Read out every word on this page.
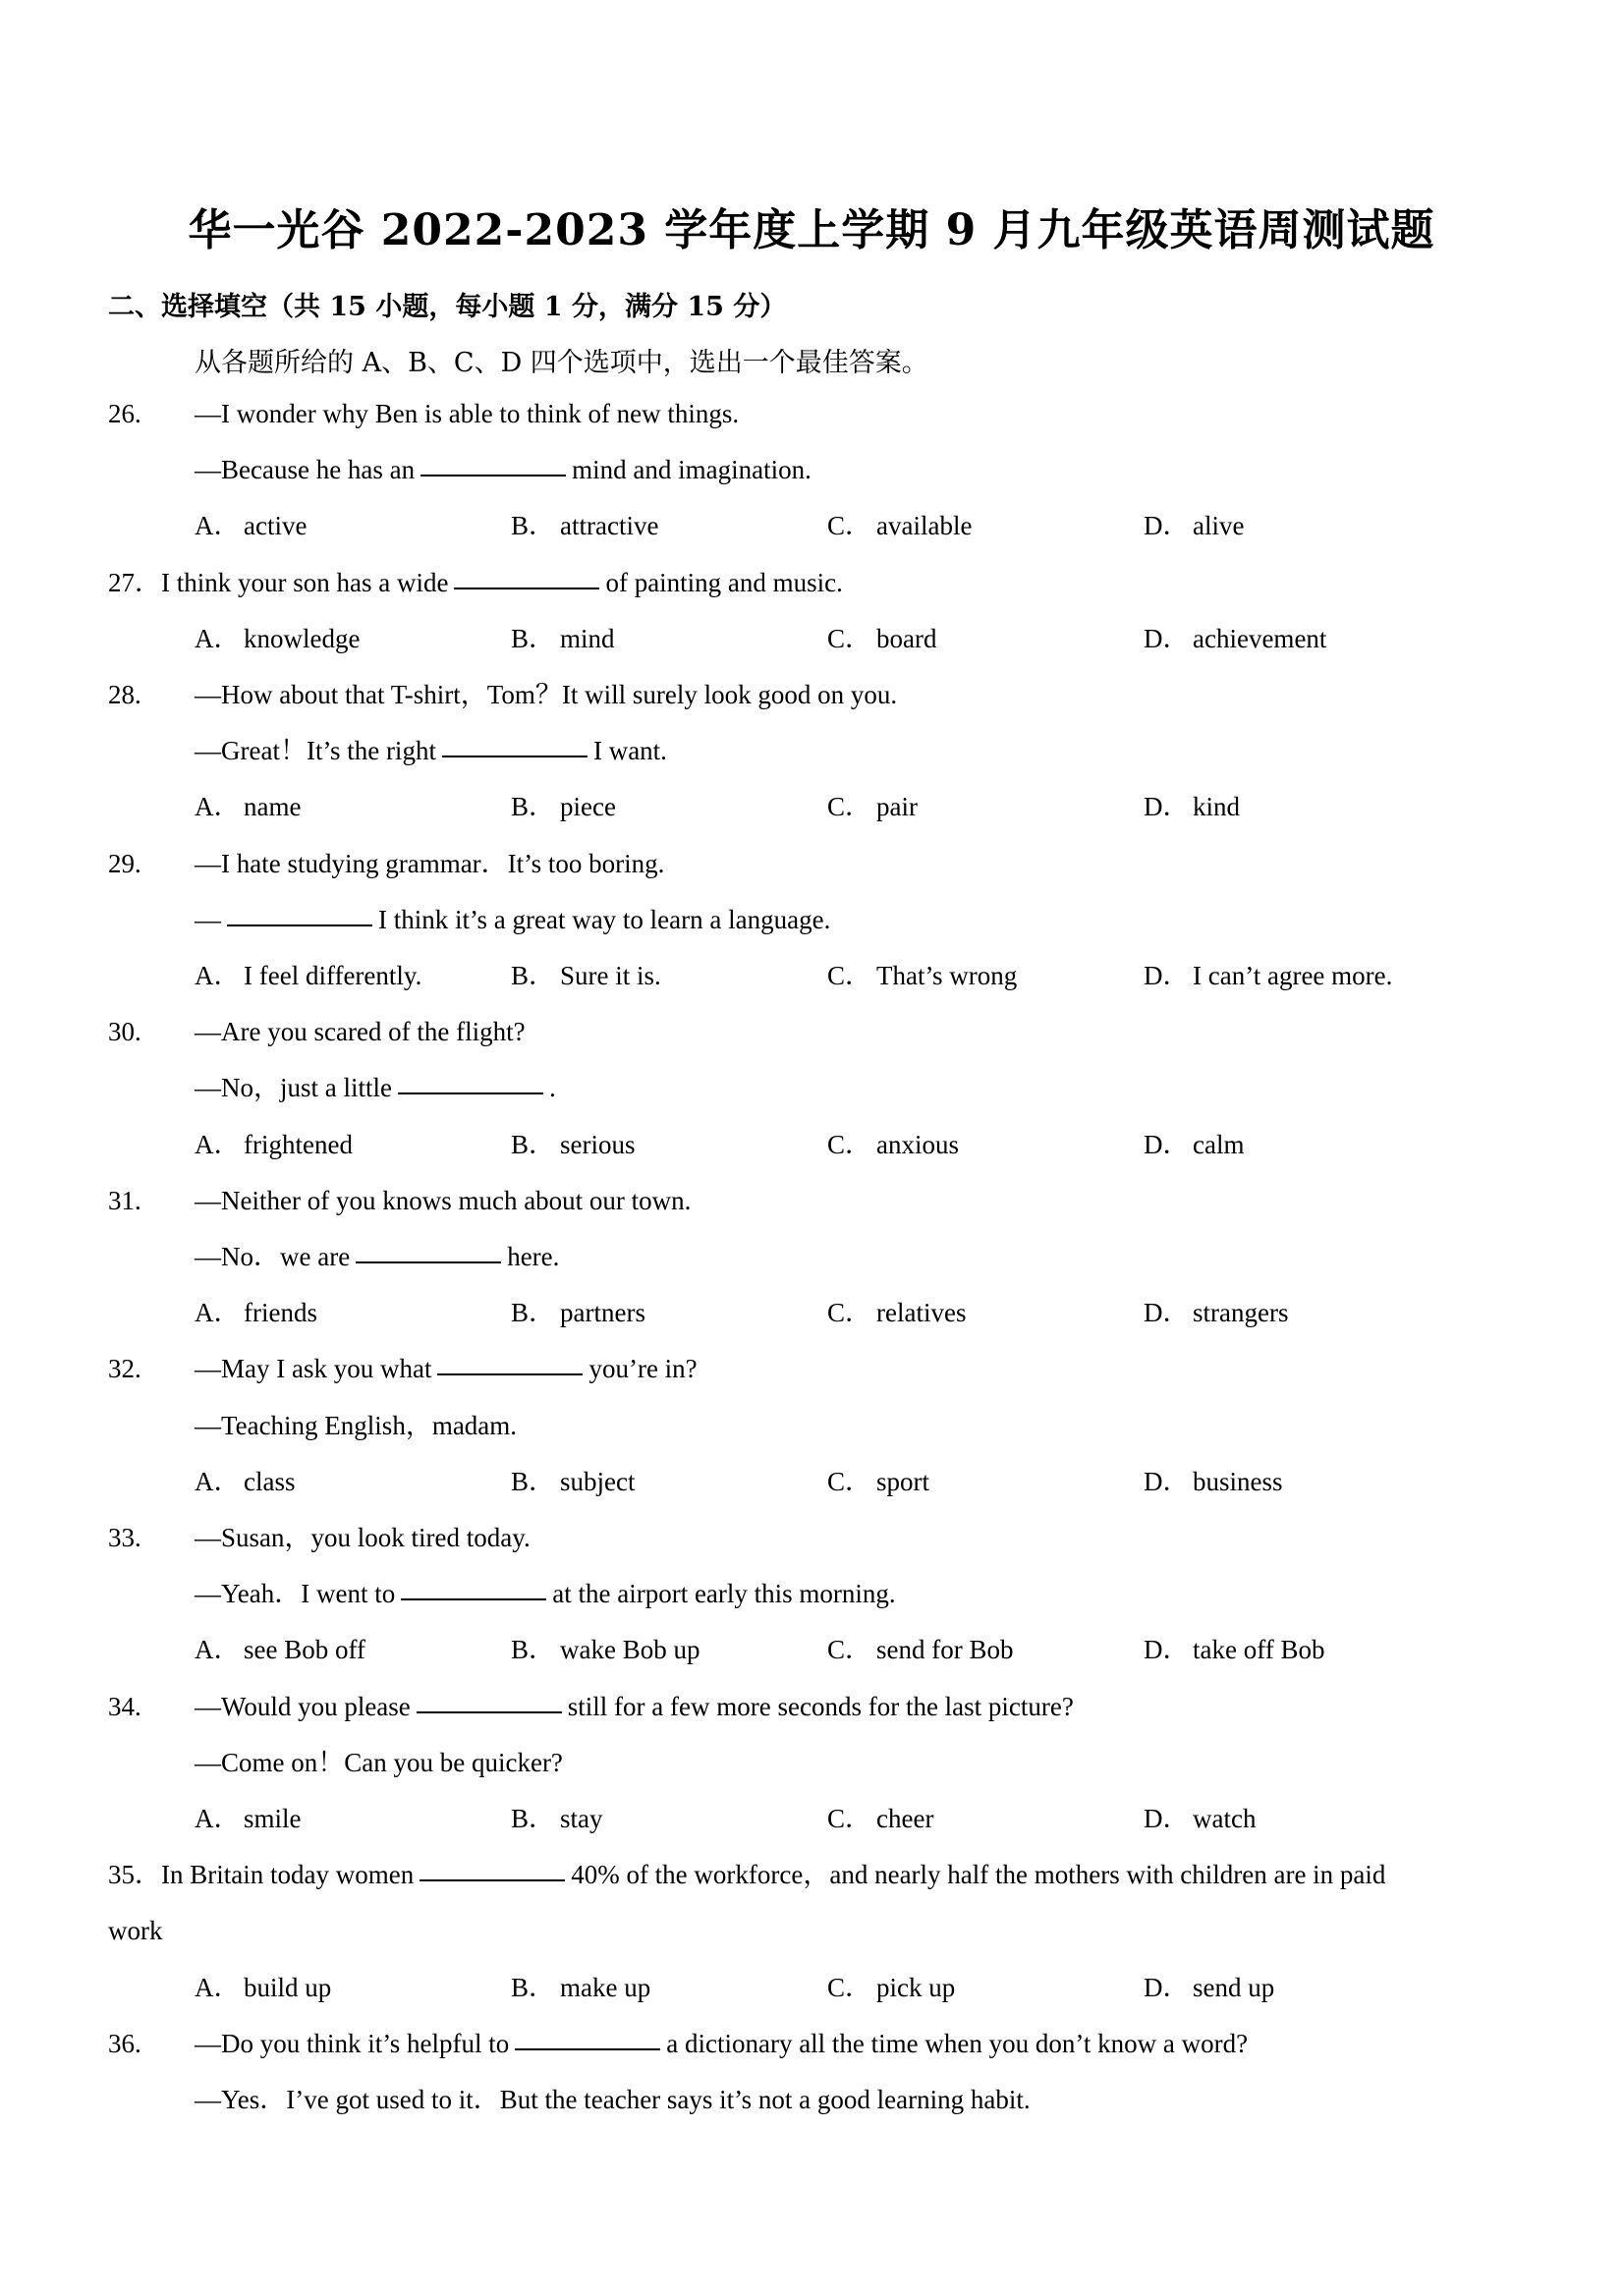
华一光谷 2022-2023 学年度上学期 9 月九年级英语周测试题
二、选择填空（共 15 小题，每小题 1 分，满分 15 分）
从各题所给的 A、B、C、D 四个选项中，选出一个最佳答案。
26. —I wonder why Ben is able to think of new things.
—Because he has an	mind and imagination.
A． active	B． attractive	C． available	D． alive
27．I think your son has a wide	of painting and music.
A． knowledge	B． mind	C． board	D． achievement
28. —How about that T-shirt，Tom？It will surely look good on you.
—Great！It’s the right	I want.
A． name	B． piece	C． pair	D． kind
29. —I hate studying grammar．It’s too boring.
—	I think it’s a great way to learn a language.
A． I feel differently.	B． Sure it is.	C． That’s wrong	D． I can’t agree more.
30. —Are you scared of the flight?
—No，just a little	.
A． frightened	B． serious	C． anxious	D． calm
31. —Neither of you knows much about our town.
—No．we are	here.
A． friends	B． partners	C． relatives	D． strangers
32. —May I ask you what	you’re in?
—Teaching English，madam.
A． class	B． subject	C． sport	D． business
33. —Susan，you look tired today.
—Yeah．I went to	at the airport early this morning.
A． see Bob off	B． wake Bob up	C． send for Bob	D． take off Bob
34. —Would you please	still for a few more seconds for the last picture?
—Come on！Can you be quicker?
A． smile	B． stay	C． cheer	D． watch
35．In Britain today women	40% of the workforce，and nearly half the mothers with children are in paid
work
A． build up	B． make up	C． pick up	D． send up
36. —Do you think it’s helpful to	a dictionary all the time when you don’t know a word?
—Yes．I’ve got used to it．But the teacher says it’s not a good learning habit.
